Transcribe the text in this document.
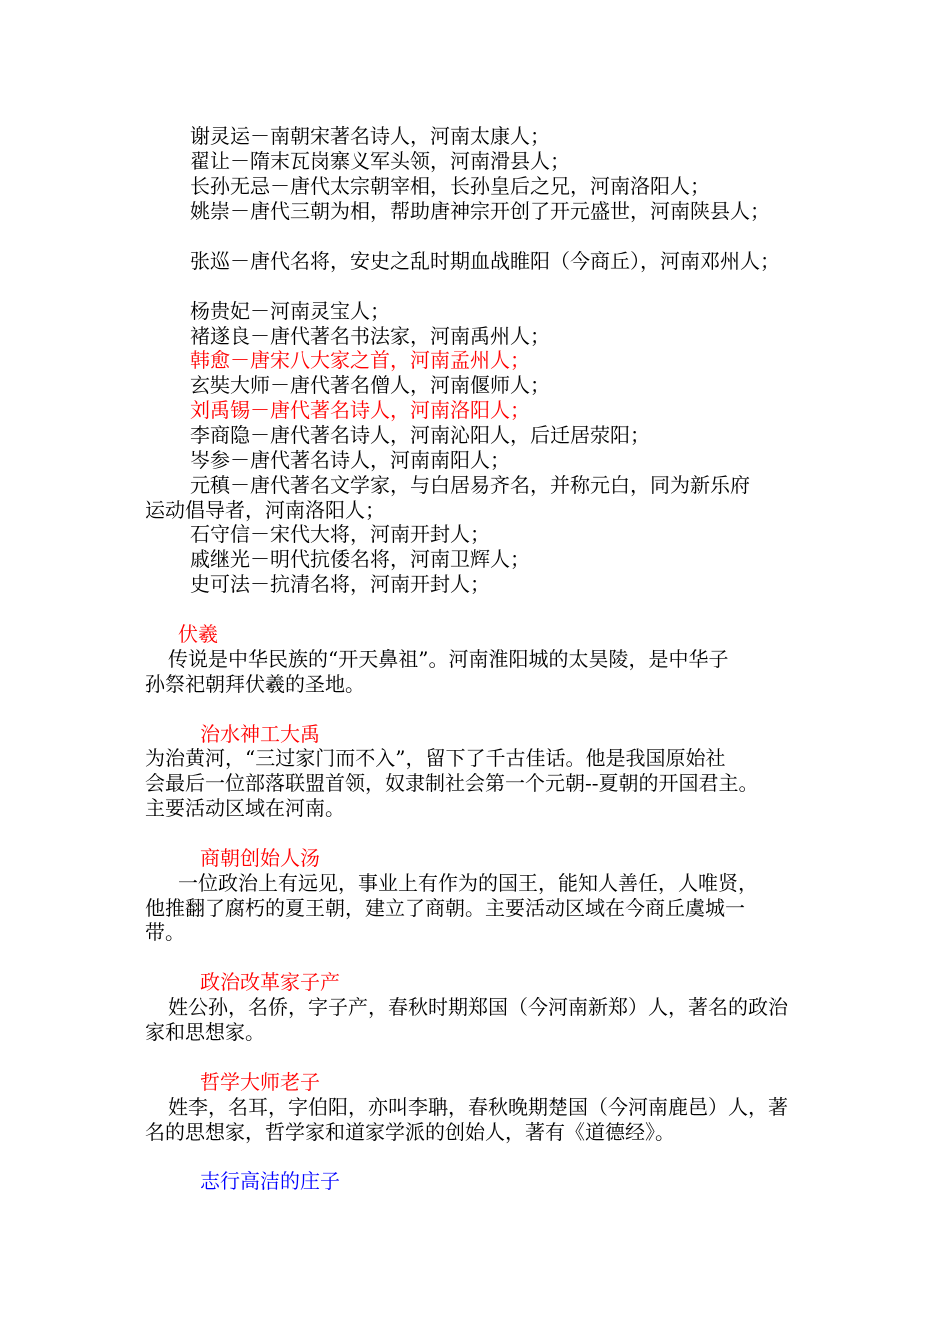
谢灵运－南朝宋著名诗人，河南太康人；
翟让－隋末瓦岗寨义军头领，河南滑县人；
长孙无忌－唐代太宗朝宰相，长孙皇后之兄，河南洛阳人；
姚崇－唐代三朝为相，帮助唐神宗开创了开元盛世，河南陕县人；
张巡－唐代名将，安史之乱时期血战睢阳（今商丘），河南邓州人；
杨贵妃－河南灵宝人；
褚遂良－唐代著名书法家，河南禹州人；
韩愈－唐宋八大家之首，河南孟州人；
玄奘大师－唐代著名僧人，河南偃师人；
刘禹锡－唐代著名诗人，河南洛阳人；
李商隐－唐代著名诗人，河南沁阳人，后迁居荥阳；
岑参－唐代著名诗人，河南南阳人；
元稹－唐代著名文学家，与白居易齐名，并称元白，同为新乐府
运动倡导者，河南洛阳人；
石守信－宋代大将，河南开封人；
戚继光－明代抗倭名将，河南卫辉人；
史可法－抗清名将，河南开封人；
伏羲
传说是中华民族的“开天鼻祖”。河南淮阳城的太昊陵，是中华子
孙祭祀朝拜伏羲的圣地。
治水神工大禹
为治黄河，“三过家门而不入”，留下了千古佳话。他是我国原始社
会最后一位部落联盟首领，奴隶制社会第一个元朝--夏朝的开国君主。
主要活动区域在河南。
商朝创始人汤
一位政治上有远见，事业上有作为的国王，能知人善任，人唯贤，
他推翻了腐朽的夏王朝，建立了商朝。主要活动区域在今商丘虞城一
带。
政治改革家子产
姓公孙，名侨，字子产，春秋时期郑国（今河南新郑）人，著名的政治
家和思想家。
哲学大师老子
姓李，名耳，字伯阳，亦叫李聃，春秋晚期楚国（今河南鹿邑）人，著
名的思想家，哲学家和道家学派的创始人，著有《道德经》。
志行高洁的庄子
